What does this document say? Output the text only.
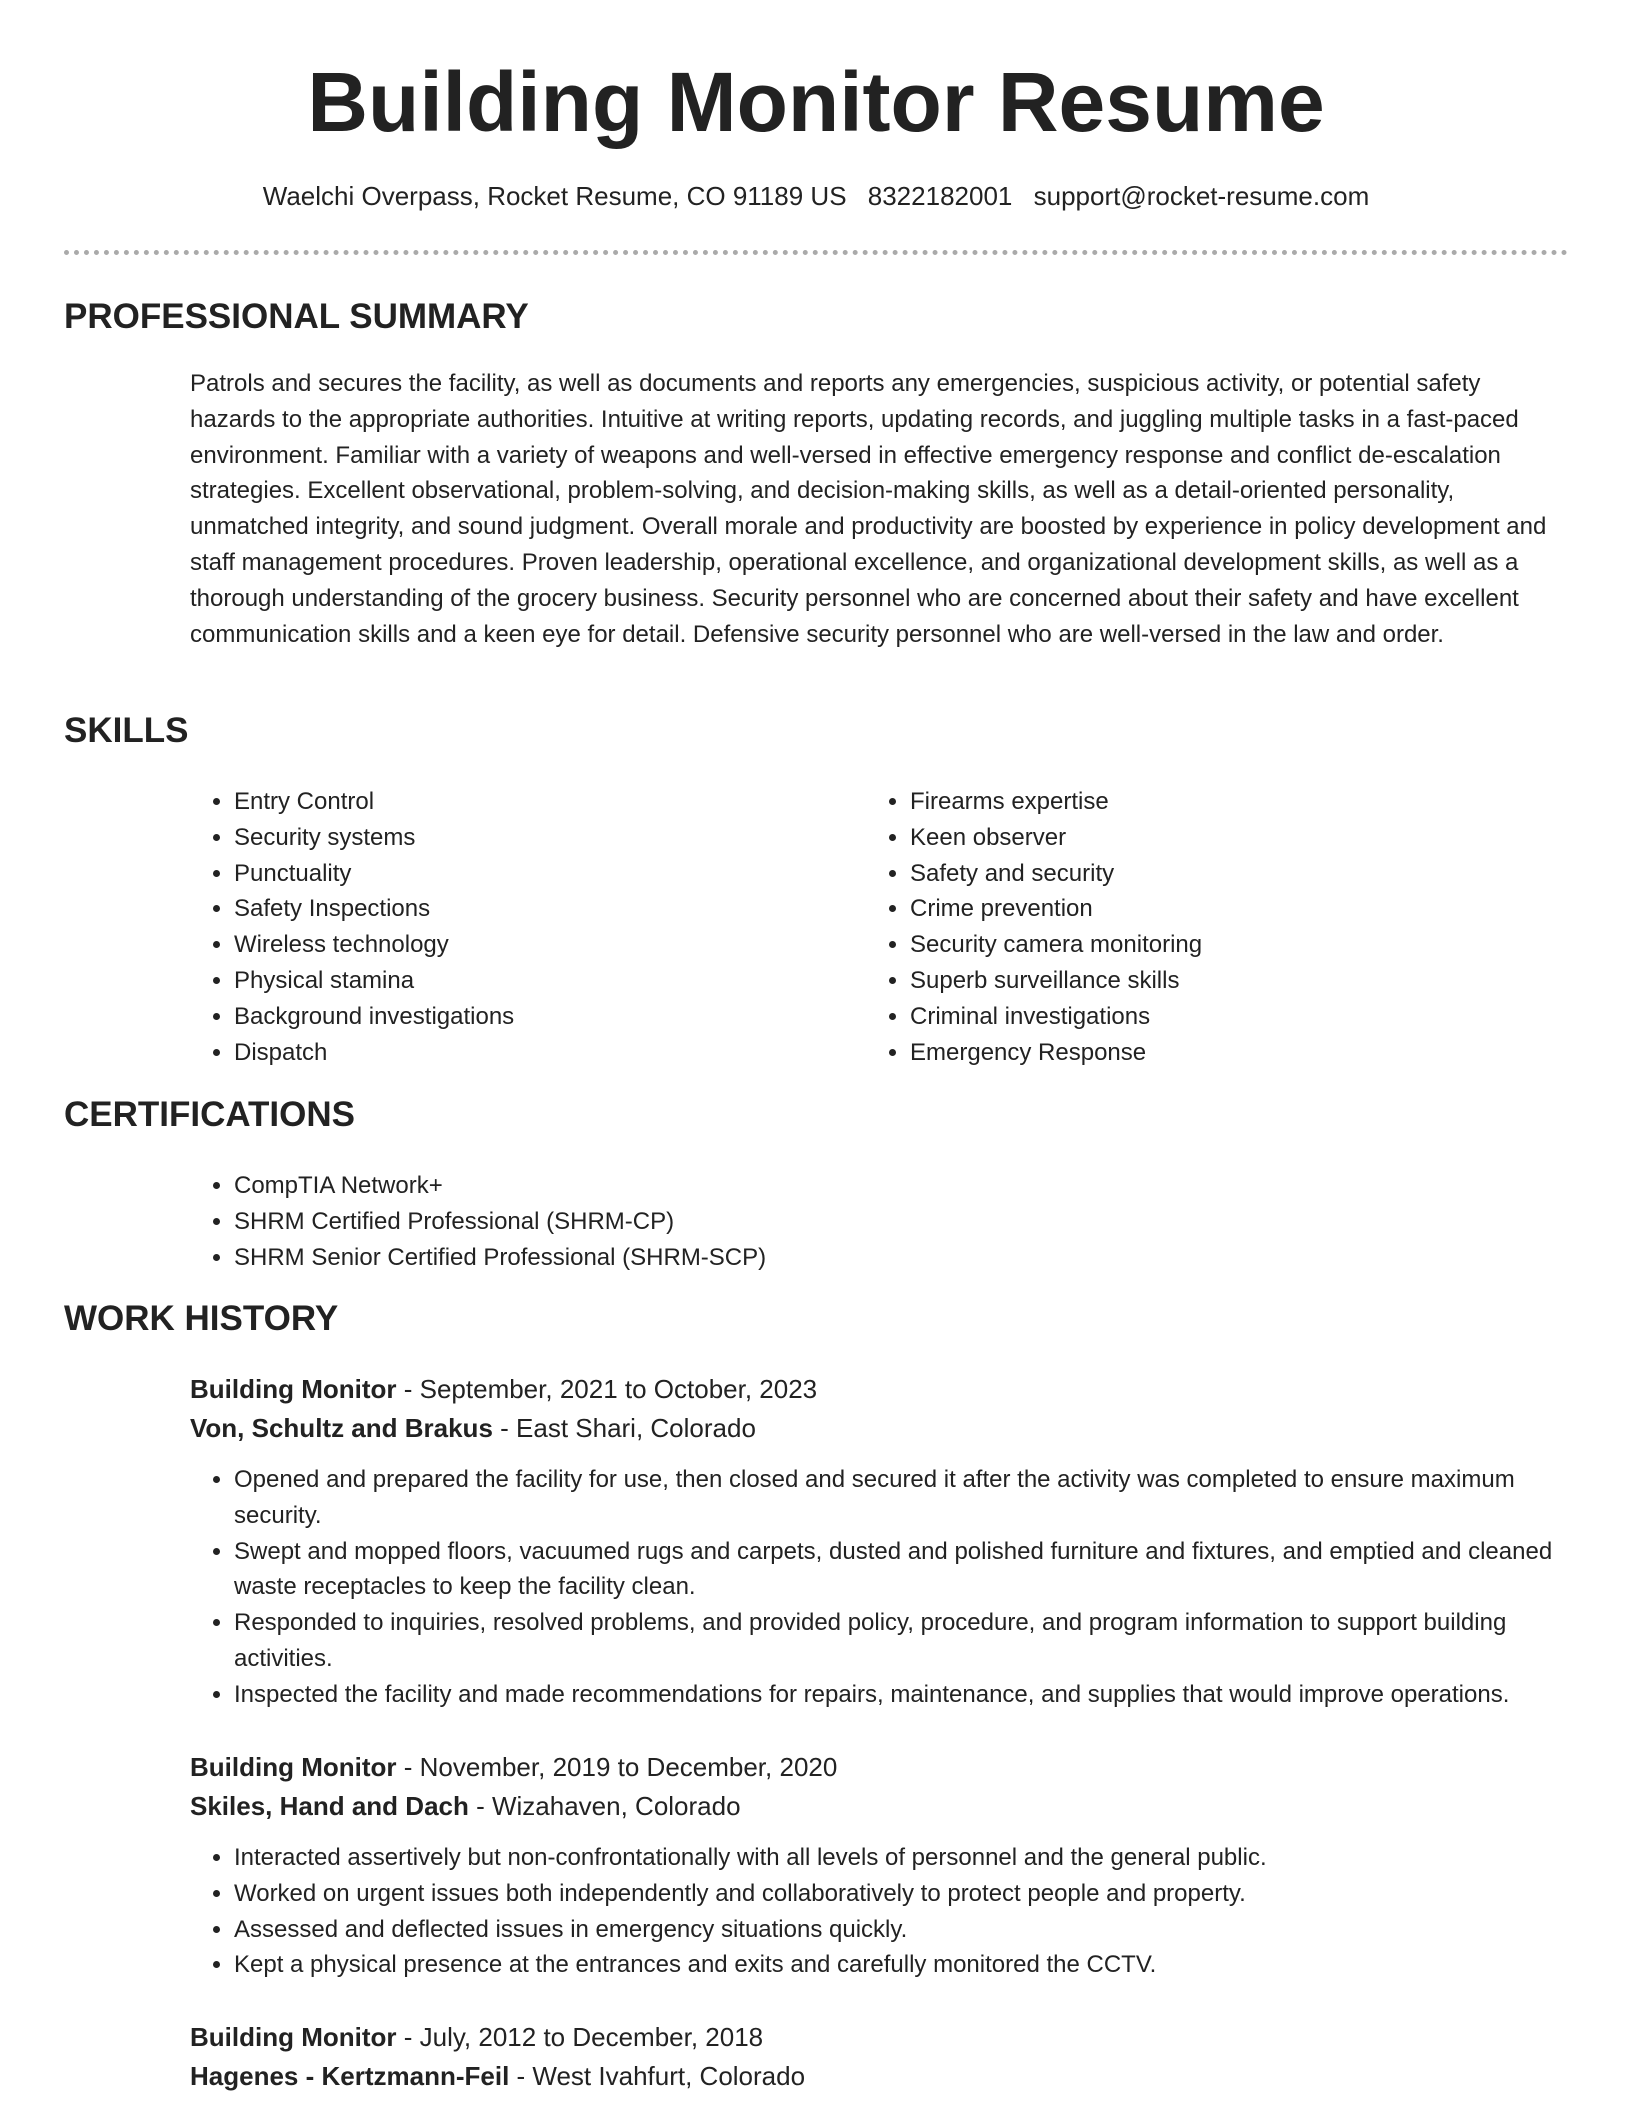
Building Monitor Resume
Waelchi Overpass, Rocket Resume, CO 91189 US 8322182001 support@rocket-resume.com
PROFESSIONAL SUMMARY

Patrols and secures the facility, as well as documents and reports any emergencies, suspicious activity, or potential safety hazards to the appropriate authorities. Intuitive at writing reports, updating records, and juggling multiple tasks in a fast-paced environment. Familiar with a variety of weapons and well-versed in effective emergency response and conflict de-escalation strategies. Excellent observational, problem-solving, and decision-making skills, as well as a detail-oriented personality, unmatched integrity, and sound judgment. Overall morale and productivity are boosted by experience in policy development and staff management procedures. Proven leadership, operational excellence, and organizational development skills, as well as a thorough understanding of the grocery business. Security personnel who are concerned about their safety and have excellent communication skills and a keen eye for detail. Defensive security personnel who are well-versed in the law and order.

SKILLS
• Entry Control
• Security systems
• Punctuality
• Safety Inspections
• Wireless technology
• Physical stamina
• Background investigations
• Dispatch
• Firearms expertise
• Keen observer
• Safety and security
• Crime prevention
• Security camera monitoring
• Superb surveillance skills
• Criminal investigations
• Emergency Response
CERTIFICATIONS
• CompTIA Network+
• SHRM Certified Professional (SHRM-CP)
• SHRM Senior Certified Professional (SHRM-SCP)
WORK HISTORY
Building Monitor - September, 2021 to October, 2023
Von, Schultz and Brakus - East Shari, Colorado
• Opened and prepared the facility for use, then closed and secured it after the activity was completed to ensure maximum security.
• Swept and mopped floors, vacuumed rugs and carpets, dusted and polished furniture and fixtures, and emptied and cleaned waste receptacles to keep the facility clean.
• Responded to inquiries, resolved problems, and provided policy, procedure, and program information to support building activities.
• Inspected the facility and made recommendations for repairs, maintenance, and supplies that would improve operations.
Building Monitor - November, 2019 to December, 2020
Skiles, Hand and Dach - Wizahaven, Colorado
• Interacted assertively but non-confrontationally with all levels of personnel and the general public.
• Worked on urgent issues both independently and collaboratively to protect people and property.
• Assessed and deflected issues in emergency situations quickly.
• Kept a physical presence at the entrances and exits and carefully monitored the CCTV.
Building Monitor - July, 2012 to December, 2018
Hagenes - Kertzmann-Feil - West Ivahfurt, Colorado
